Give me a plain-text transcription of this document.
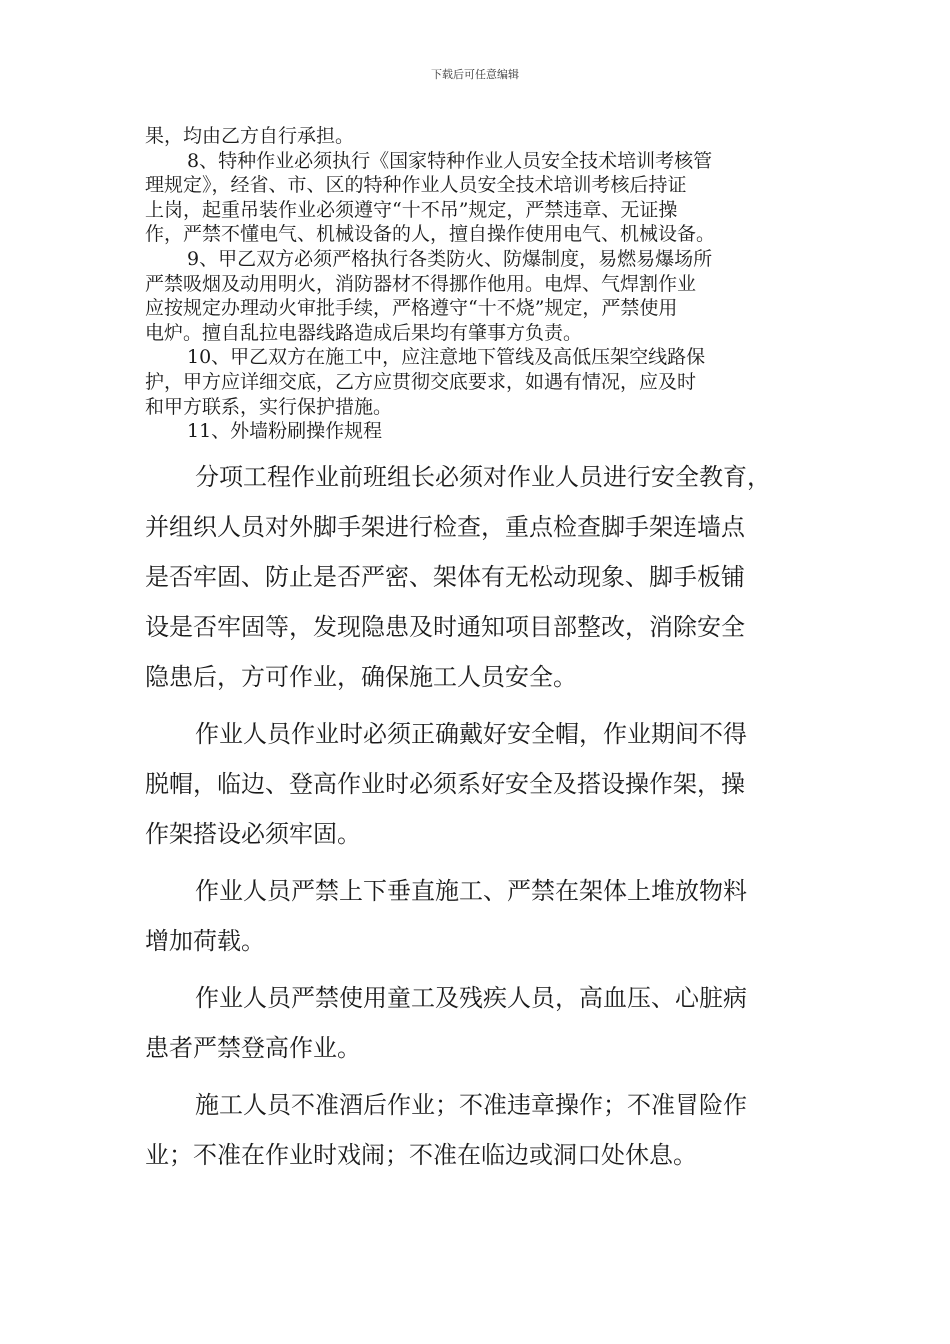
下载后可任意编辑

果，均由乙方自行承担。

8、特种作业必须执行《国家特种作业人员安全技术培训考核管
理规定》，经省、市、区的特种作业人员安全技术培训考核后持证
上岗，起重吊装作业必须遵守“十不吊”规定，严禁违章、无证操
作，严禁不懂电气、机械设备的人，擅自操作使用电气、机械设备。

9、甲乙双方必须严格执行各类防火、防爆制度，易燃易爆场所
严禁吸烟及动用明火，消防器材不得挪作他用。电焊、气焊割作业
应按规定办理动火审批手续，严格遵守“十不烧”规定，严禁使用
电炉。擅自乱拉电器线路造成后果均有肇事方负责。

10、甲乙双方在施工中，应注意地下管线及高低压架空线路保
护，甲方应详细交底，乙方应贯彻交底要求，如遇有情况，应及时
和甲方联系，实行保护措施。

11、外墙粉刷操作规程

分项工程作业前班组长必须对作业人员进行安全教育，
并组织人员对外脚手架进行检查，重点检查脚手架连墙点
是否牢固、防止是否严密、架体有无松动现象、脚手板铺
设是否牢固等，发现隐患及时通知项目部整改，消除安全
隐患后，方可作业，确保施工人员安全。

作业人员作业时必须正确戴好安全帽，作业期间不得
脱帽，临边、登高作业时必须系好安全及搭设操作架，操
作架搭设必须牢固。

作业人员严禁上下垂直施工、严禁在架体上堆放物料
增加荷载。

作业人员严禁使用童工及残疾人员，高血压、心脏病
患者严禁登高作业。

施工人员不准酒后作业；不准违章操作；不准冒险作
业；不准在作业时戏闹；不准在临边或洞口处休息。
